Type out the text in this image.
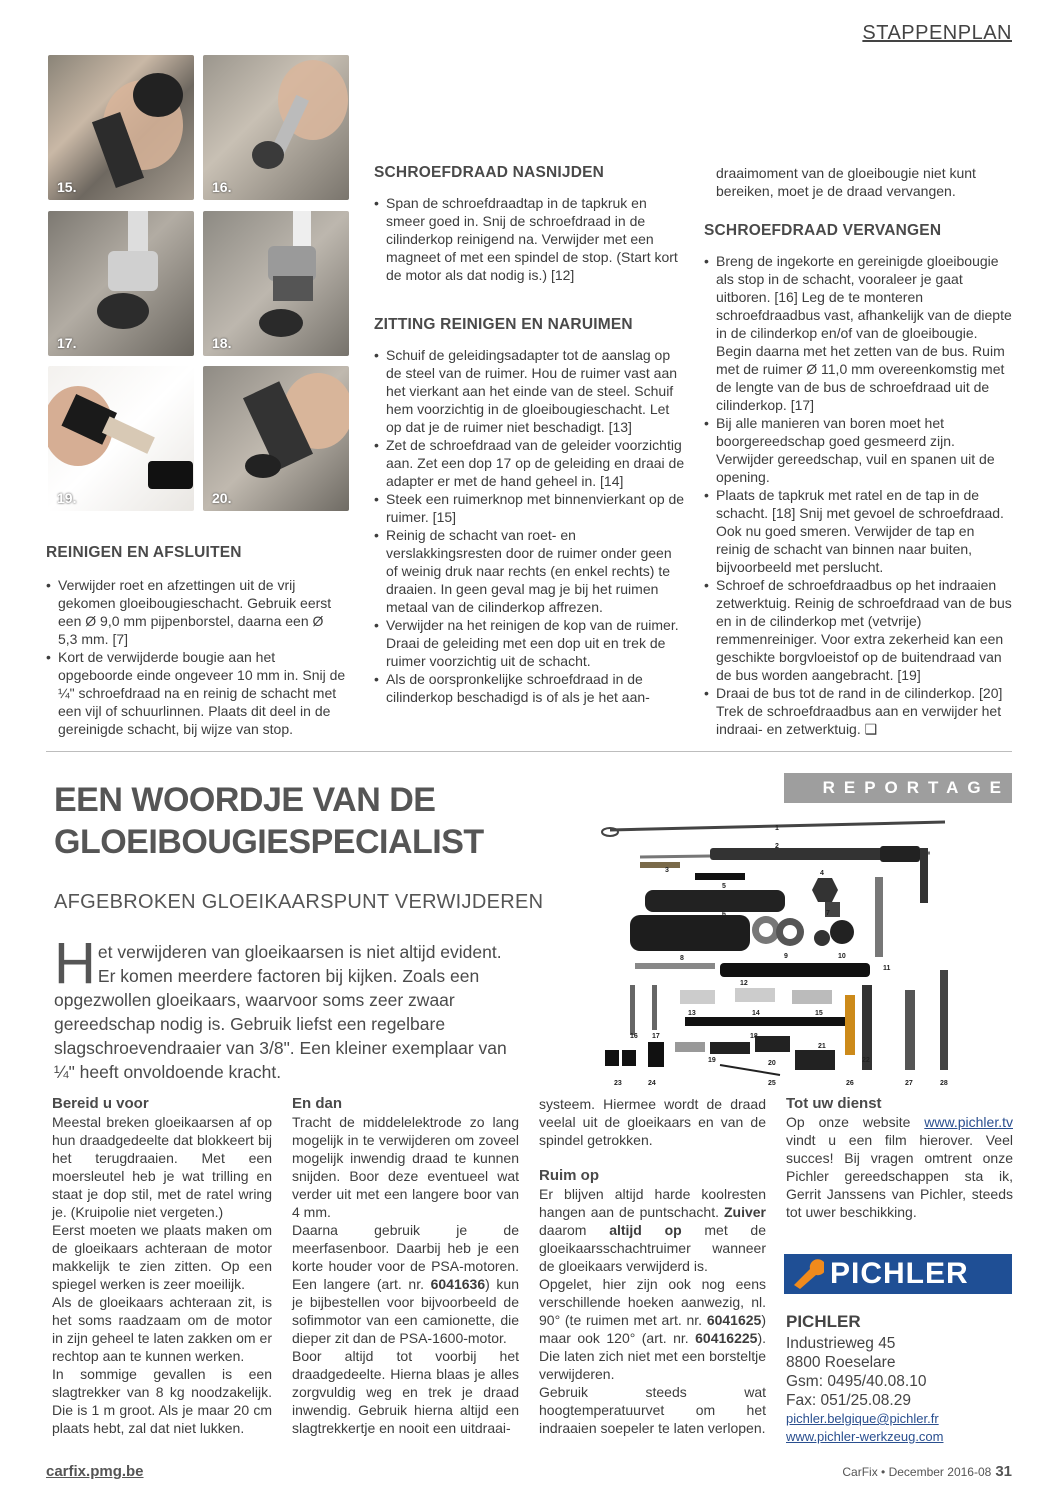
STAPPENPLAN
15.	16.
17.	18.
19.	20.
REINIGEN EN AFSLUITEN
• Verwijder roet en afzettingen uit de vrij gekomen gloeibougieschacht. Gebruik eerst een Ø 9,0 mm pijpenborstel, daarna een Ø 5,3 mm. [7]
• Kort de verwijderde bougie aan het opgeboorde einde ongeveer 10 mm in. Snij de ¼" schroefdraad na en reinig de schacht met een vijl of schuurlinnen. Plaats dit deel in de gereinigde schacht, bij wijze van stop.
SCHROEFDRAAD NASNIJDEN
• Span de schroefdraadtap in de tapkruk en smeer goed in. Snij de schroefdraad in de cilinderkop reinigend na. Verwijder met een magneet of met een spindel de stop. (Start kort de motor als dat nodig is.) [12]
ZITTING REINIGEN EN NARUIMEN
• Schuif de geleidingsadapter tot de aanslag op de steel van de ruimer. Hou de ruimer vast aan het vierkant aan het einde van de steel. Schuif hem voorzichtig in de gloeibougieschacht. Let op dat je de ruimer niet beschadigt. [13]
• Zet de schroefdraad van de geleider voorzichtig aan. Zet een dop 17 op de geleiding en draai de adapter er met de hand geheel in. [14]
• Steek een ruimerknop met binnenvierkant op de ruimer. [15]
• Reinig de schacht van roet- en verslakkingsresten door de ruimer onder geen of weinig druk naar rechts (en enkel rechts) te draaien. In geen geval mag je bij het ruimen metaal van de cilinderkop affrezen.
• Verwijder na het reinigen de kop van de ruimer. Draai de geleiding met een dop uit en trek de ruimer voorzichtig uit de schacht.
• Als de oorspronkelijke schroefdraad in de cilinderkop beschadigd is of als je het aan-

draaimoment van de gloeibougie niet kunt bereiken, moet je de draad vervangen.

SCHROEFDRAAD VERVANGEN
• Breng de ingekorte en gereinigde gloeibougie als stop in de schacht, vooraleer je gaat uitboren. [16] Leg de te monteren schroefdraadbus vast, afhankelijk van de diepte in de cilinderkop en/of van de gloeibougie. Begin daarna met het zetten van de bus. Ruim met de ruimer Ø 11,0 mm overeenkomstig met de lengte van de bus de schroefdraad uit de cilinderkop. [17]
• Bij alle manieren van boren moet het boorgereedschap goed gesmeerd zijn. Verwijder gereedschap, vuil en spanen uit de opening.
• Plaats de tapkruk met ratel en de tap in de schacht. [18] Snij met gevoel de schroefdraad. Ook nu goed smeren. Verwijder de tap en reinig de schacht van binnen naar buiten, bijvoorbeeld met perslucht.
• Schroef de schroefdraadbus op het indraaien zetwerktuig. Reinig de schroefdraad van de bus en in de cilinderkop met (vetvrije) remmenreiniger. Voor extra zekerheid kan een geschikte borgvloeistof op de buitendraad van de bus worden aangebracht. [19]
• Draai de bus tot de rand in de cilinderkop. [20] Trek de schroefdraadbus aan en verwijder het indraai- en zetwerktuig. ❑
REPORTAGE
EEN WOORDJE VAN DE
GLOEIBOUGIESPECIALIST
AFGEBROKEN GLOEIKAARSPUNT VERWIJDEREN
H et verwijderen van gloeikaarsen is niet altijd evident. Er komen meerdere factoren bij kijken. Zoals een opgezwollen gloeikaars, waarvoor soms zeer zwaar gereedschap nodig is. Gebruik liefst een regelbare slagschroevendraaier van 3/8". Een kleiner exemplaar van ¼" heeft onvoldoende kracht.
1
2
3	4
5
6	7
8	9	10
11
12
13	14	15
16 17	18
19	20
21
22
23	24	25	26	27	28
Bereid u voor

Meestal breken gloeikaarsen af op hun draadgedeelte dat blokkeert bij het terugdraaien. Met een moersleutel heb je wat trilling en staat je dop stil, met de ratel wring je. (Kruipolie niet vergeten.)

Eerst moeten we plaats maken om de gloeikaars achteraan de motor makkelijk te zien zitten. Op een spiegel werken is zeer moeilijk.

Als de gloeikaars achteraan zit, is het soms raadzaam om de motor in zijn geheel te laten zakken om er rechtop aan te kunnen werken.

In sommige gevallen is een slagtrekker van 8 kg noodzakelijk. Die is 1 m groot. Als je maar 20 cm plaats hebt, zal dat niet lukken.

En dan

Tracht de middelelektrode zo lang mogelijk in te verwijderen om zoveel mogelijk inwendig draad te kunnen snijden. Boor deze eventueel wat verder uit met een langere boor van 4 mm.

Daarna gebruik je de meerfasenboor. Daarbij heb je een korte houder voor de PSA-motoren. Een langere (art. nr. 6041636) kun je bijbestellen voor bijvoorbeeld de sofimmotor van een camionette, die dieper zit dan de PSA-1600-motor.

Boor altijd tot voorbij het draadgedeelte. Hierna blaas je alles zorgvuldig weg en trek je draad inwendig. Gebruik hierna altijd een slagtrekkertje en nooit een uitdraai-

systeem. Hiermee wordt de draad veelal uit de gloeikaars en van de spindel getrokken.

Ruim op

Er blijven altijd harde koolresten hangen aan de puntschacht. Zuiver daarom altijd op met de gloeikaarsschachtruimer wanneer de gloeikaars verwijderd is.

Opgelet, hier zijn ook nog eens verschillende hoeken aanwezig, nl. 90° (te ruimen met art. nr. 6041625) maar ook 120° (art. nr. 60416225). Die laten zich niet met een borsteltje verwijderen.

Gebruik steeds wat hoogtemperatuurvet om het indraaien soepeler te laten verlopen.

Tot uw dienst

Op onze website www.pichler.tv vindt u een film hierover. Veel succes! Bij vragen omtrent onze Pichler gereedschappen sta ik, Gerrit Janssens van Pichler, steeds tot uwer beschikking.

PICHLER
PICHLER
Industrieweg 45
8800 Roeselare
Gsm: 0495/40.08.10
Fax: 051/25.08.29
pichler.belgique@pichler.fr
www.pichler-werkzeug.com
carfix.pmg.be	CarFix • December 2016-08 31
